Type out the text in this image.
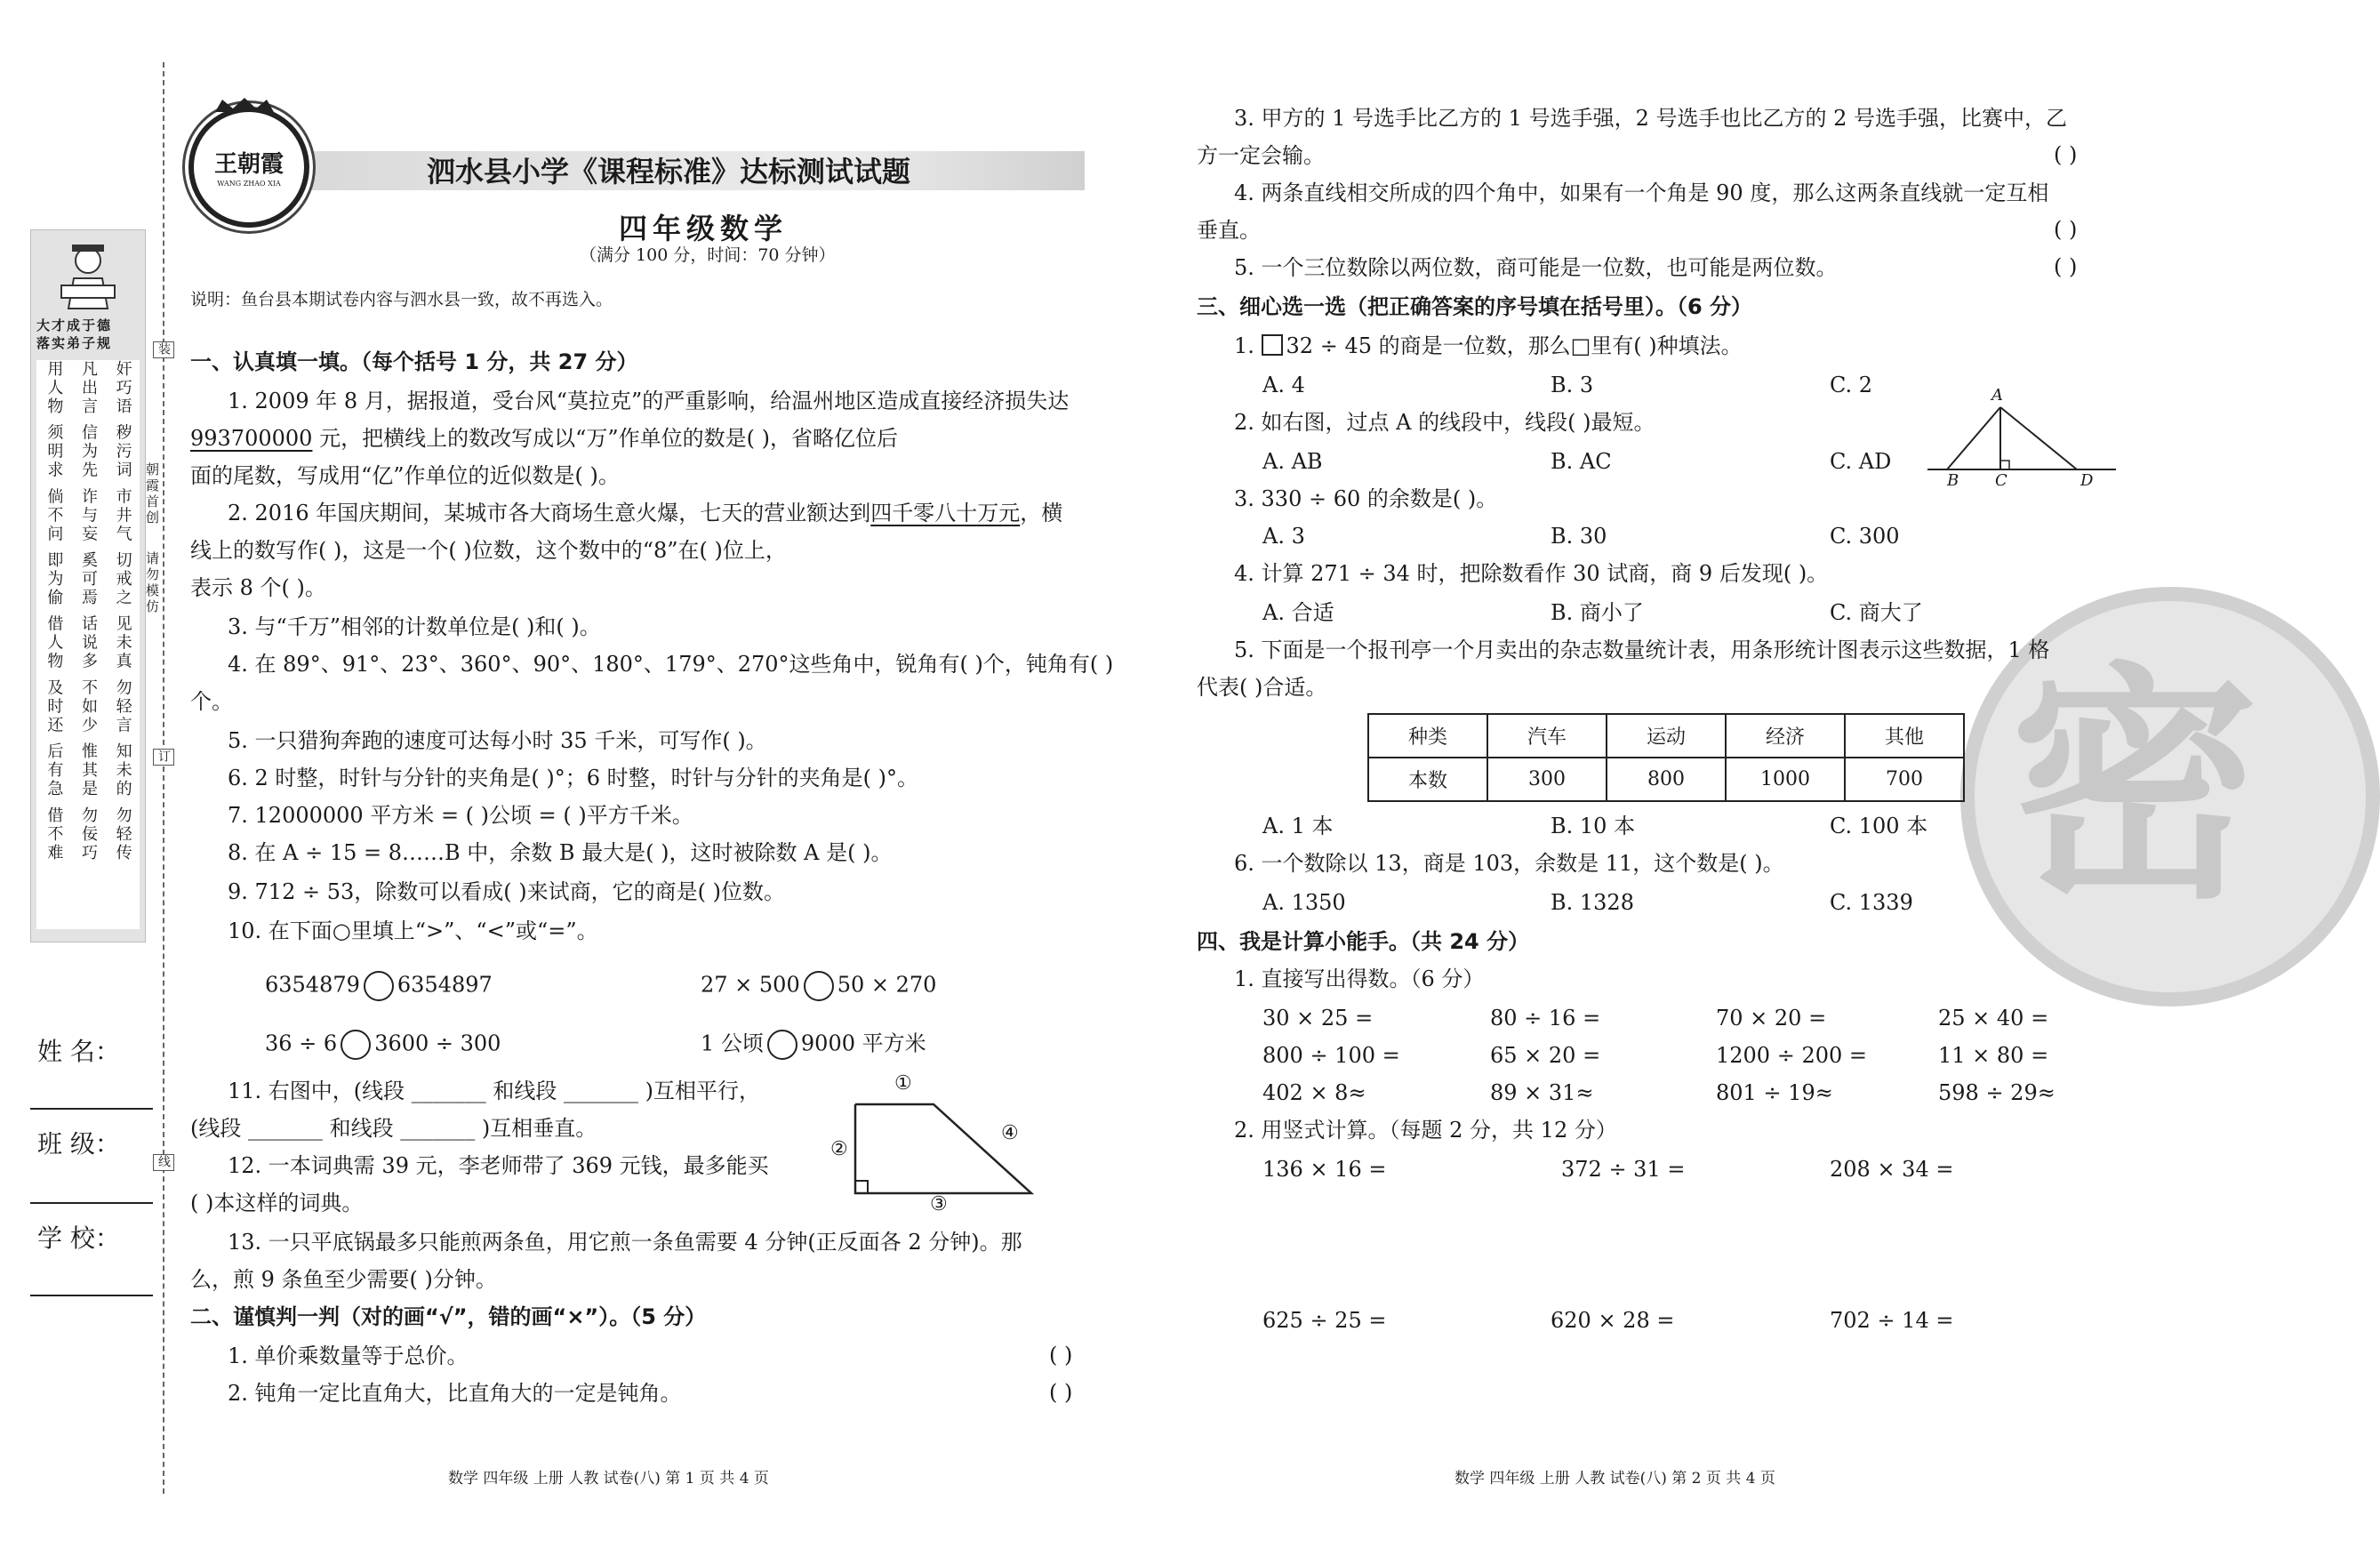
大才成于德
落实弟子规
奸巧语 秽污词 市井气 切戒之 见未真 勿轻言 知未的 勿轻传
凡出言 信为先 诈与妄 奚可焉 话说多 不如少 惟其是 勿佞巧
用人物 须明求 倘不问 即为偷 借人物 及时还 后有急 借不难
装
朝霞首创
请勿模仿
订
线
姓 名：
班 级：
学 校：
王朝霞
WANG ZHAO XIA	泗水县小学《课程标准》达标测试试题
四年级数学
（满分 100 分，时间：70 分钟）
说明：鱼台县本期试卷内容与泗水县一致，故不再选入。
一、认真填一填。（每个括号 1 分，共 27 分）
1. 2009 年 8 月，据报道，受台风“莫拉克”的严重影响，给温州地区造成直接经济损失达
993700000 元，把横线上的数改写成以“万”作单位的数是( )，省略亿位后
面的尾数，写成用“亿”作单位的近似数是( )。
2. 2016 年国庆期间，某城市各大商场生意火爆，七天的营业额达到四千零八十万元，横
线上的数写作( )，这是一个( )位数，这个数中的“8”在( )位上，
表示 8 个( )。
3. 与“千万”相邻的计数单位是( )和( )。
4. 在 89°、91°、23°、360°、90°、180°、179°、270°这些角中，锐角有( )个，钝角有( )
个。
5. 一只猎狗奔跑的速度可达每小时 35 千米，可写作( )。
6. 2 时整，时针与分针的夹角是( )°；6 时整，时针与分针的夹角是( )°。
7. 12000000 平方米 = ( )公顷 = ( )平方千米。
8. 在 A ÷ 15 = 8……B 中，余数 B 最大是( )，这时被除数 A 是( )。
9. 712 ÷ 53，除数可以看成( )来试商，它的商是( )位数。
10. 在下面○里填上“>”、“<”或“=”。
6354879 6354897	27 × 500 50 × 270
36 ÷ 6 3600 ÷ 300	1 公顷 9000 平方米
11. 右图中，(线段 _______ 和线段 _______ )互相平行，
(线段 _______ 和线段 _______ )互相垂直。
①
②
③
④
12. 一本词典需 39 元，李老师带了 369 元钱，最多能买
( )本这样的词典。
13. 一只平底锅最多只能煎两条鱼，用它煎一条鱼需要 4 分钟(正反面各 2 分钟)。那
么，煎 9 条鱼至少需要( )分钟。
二、谨慎判一判（对的画“√”，错的画“×”）。（5 分）
1. 单价乘数量等于总价。	( )
2. 钝角一定比直角大，比直角大的一定是钝角。	( )
数学 四年级 上册 人教 试卷(八) 第 1 页 共 4 页
密
3. 甲方的 1 号选手比乙方的 1 号选手强，2 号选手也比乙方的 2 号选手强，比赛中，乙
方一定会输。	( )
4. 两条直线相交所成的四个角中，如果有一个角是 90 度，那么这两条直线就一定互相
垂直。	( )
5. 一个三位数除以两位数，商可能是一位数，也可能是两位数。	( )
三、细心选一选（把正确答案的序号填在括号里）。（6 分）
1. 32 ÷ 45 的商是一位数，那么□里有( )种填法。
A. 4	B. 3	C. 2
2. 如右图，过点 A 的线段中，线段( )最短。
A. AB	B. AC	C. AD
A
B C	D
3. 330 ÷ 60 的余数是( )。
A. 3	B. 30	C. 300
4. 计算 271 ÷ 34 时，把除数看作 30 试商，商 9 后发现( )。
A. 合适	B. 商小了	C. 商大了
5. 下面是一个报刊亭一个月卖出的杂志数量统计表，用条形统计图表示这些数据，1 格
代表( )合适。
种类	汽车	运动	经济	其他
本数	300	800	1000	700
A. 1 本	B. 10 本	C. 100 本
6. 一个数除以 13，商是 103，余数是 11，这个数是( )。
A. 1350	B. 1328	C. 1339
四、我是计算小能手。（共 24 分）
1. 直接写出得数。（6 分）
30 × 25 =	80 ÷ 16 =	70 × 20 =	25 × 40 =
800 ÷ 100 =	65 × 20 =	1200 ÷ 200 =	11 × 80 =
402 × 8≈	89 × 31≈	801 ÷ 19≈	598 ÷ 29≈
2. 用竖式计算。（每题 2 分，共 12 分）
136 × 16 =	372 ÷ 31 =	208 × 34 =
625 ÷ 25 =	620 × 28 =	702 ÷ 14 =
数学 四年级 上册 人教 试卷(八) 第 2 页 共 4 页
